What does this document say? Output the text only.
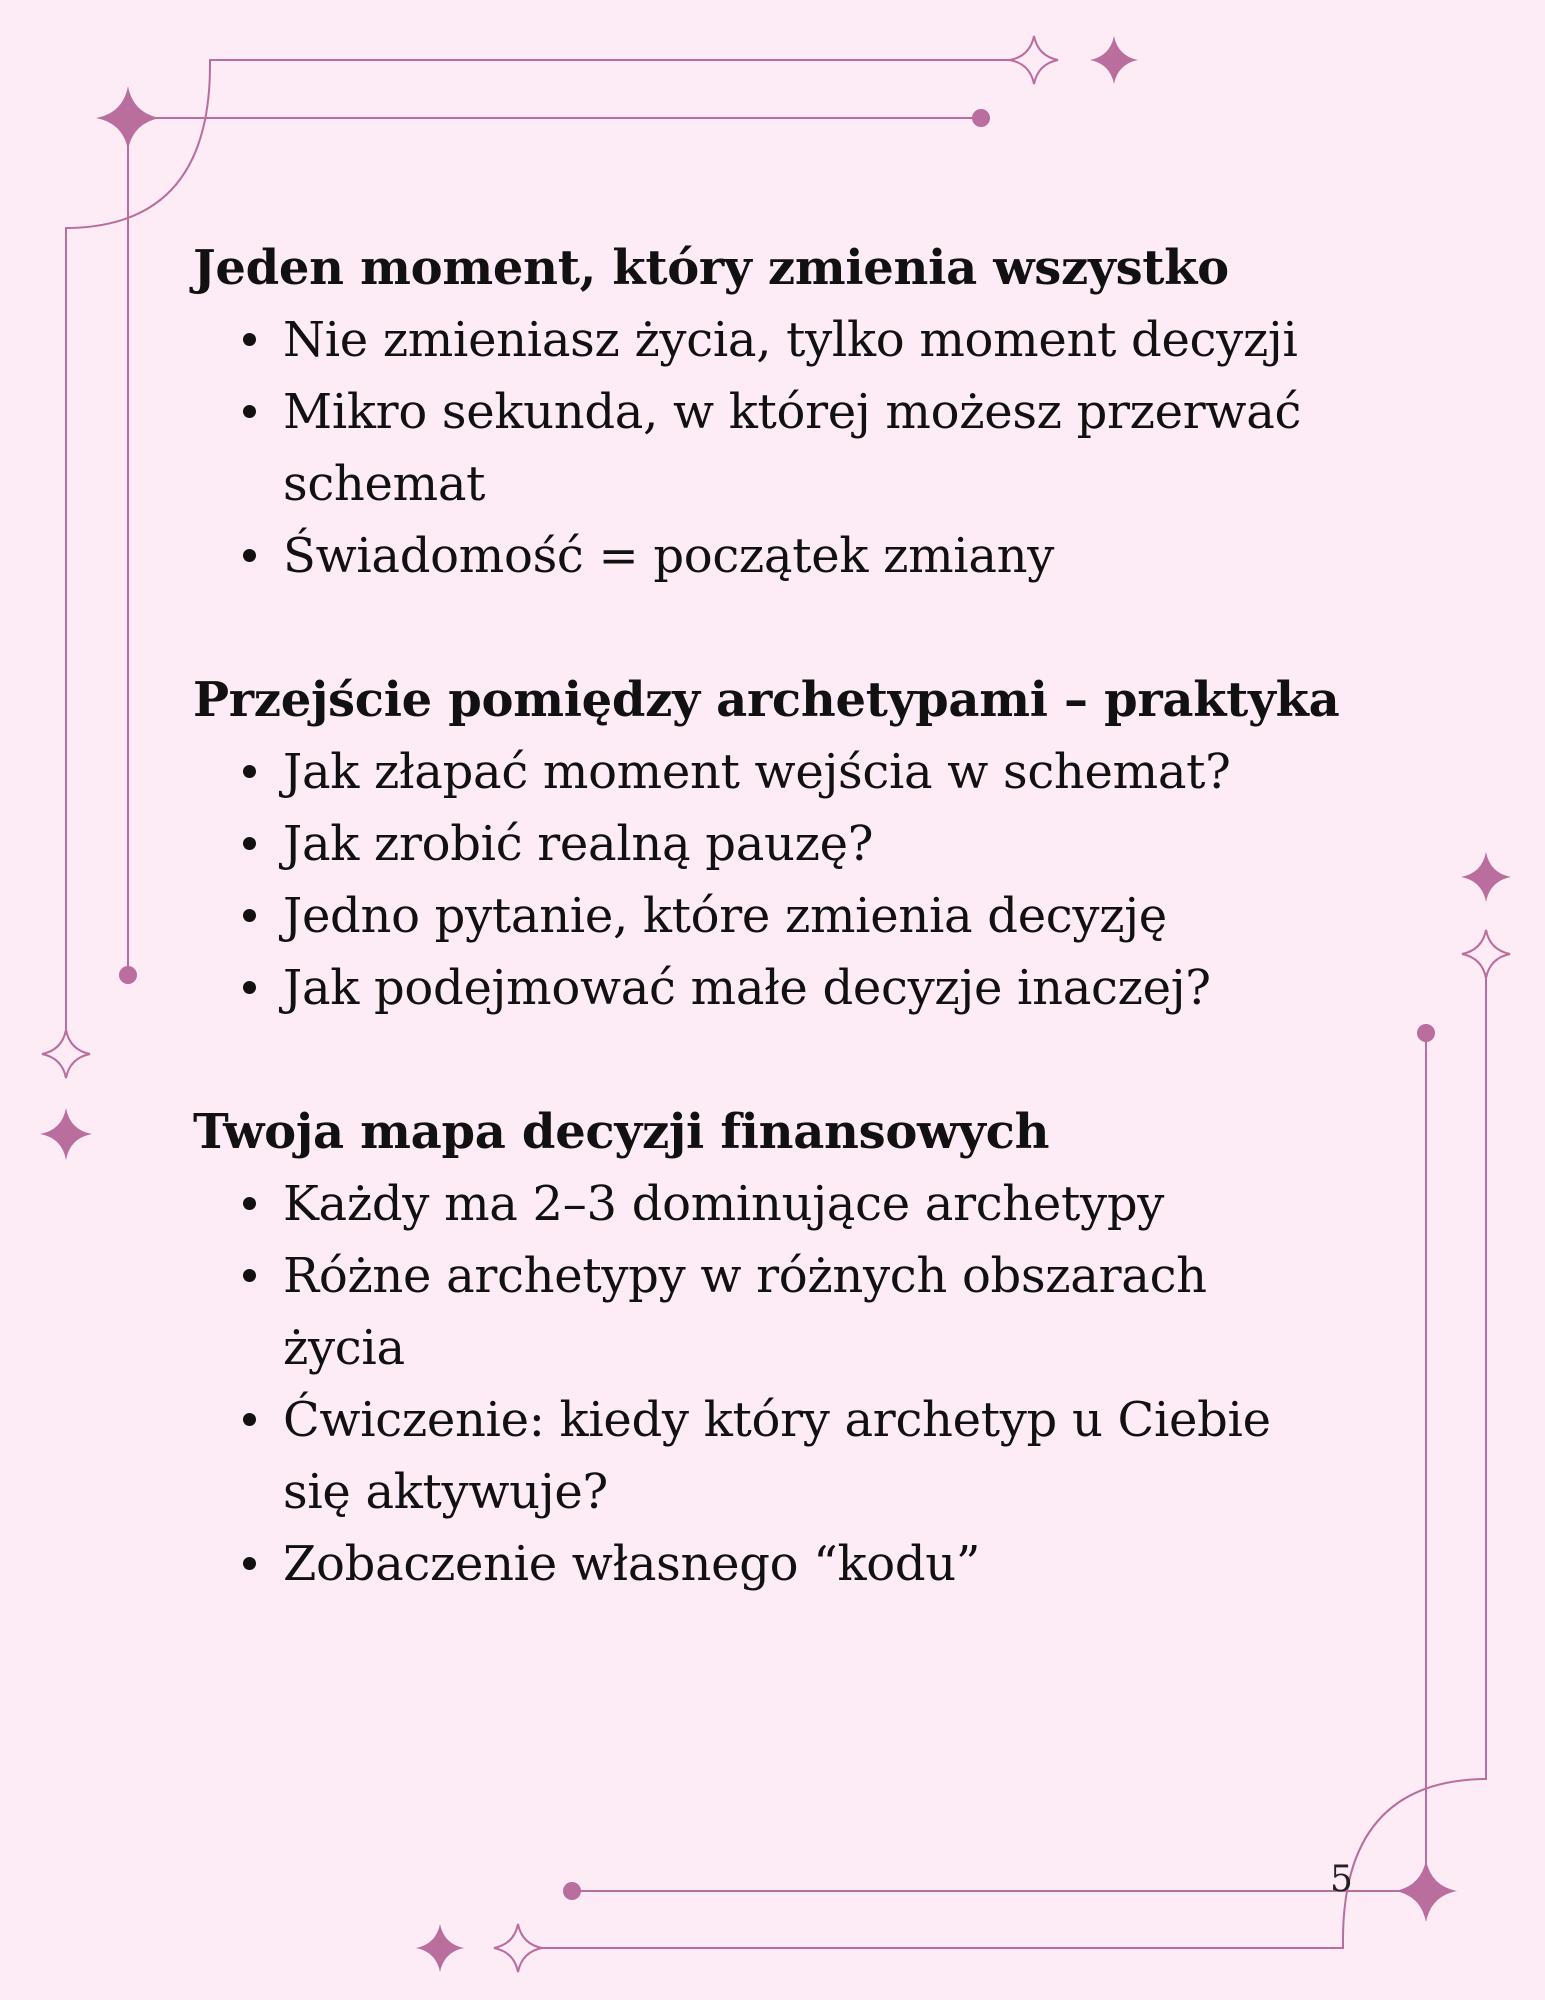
Jeden moment, który zmienia wszystko
Nie zmieniasz życia, tylko moment decyzji
Mikro sekunda, w której możesz przerwać schemat
Świadomość = początek zmiany
Przejście pomiędzy archetypami – praktyka
Jak złapać moment wejścia w schemat?
Jak zrobić realną pauzę?
Jedno pytanie, które zmienia decyzję
Jak podejmować małe decyzje inaczej?
Twoja mapa decyzji finansowych
Każdy ma 2–3 dominujące archetypy
Różne archetypy w różnych obszarach życia
Ćwiczenie: kiedy który archetyp u Ciebie się aktywuje?
Zobaczenie własnego “kodu”
5
